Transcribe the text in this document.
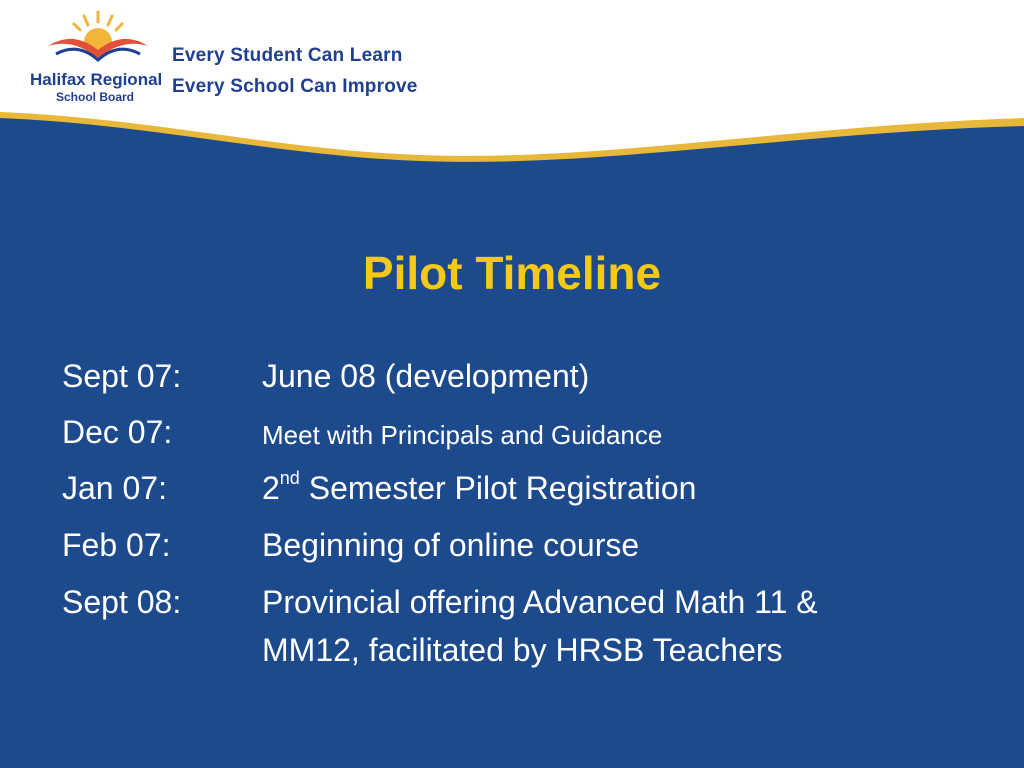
Halifax Regional
School Board
Every Student Can Learn
Every School Can Improve
Pilot Timeline
Sept 07:	June 08 (development)
Dec 07:	Meet with Principals and Guidance
Jan 07:	2nd Semester Pilot Registration
Feb 07:	Beginning of online course
Sept 08:	Provincial offering Advanced Math 11 &
MM12, facilitated by HRSB Teachers
